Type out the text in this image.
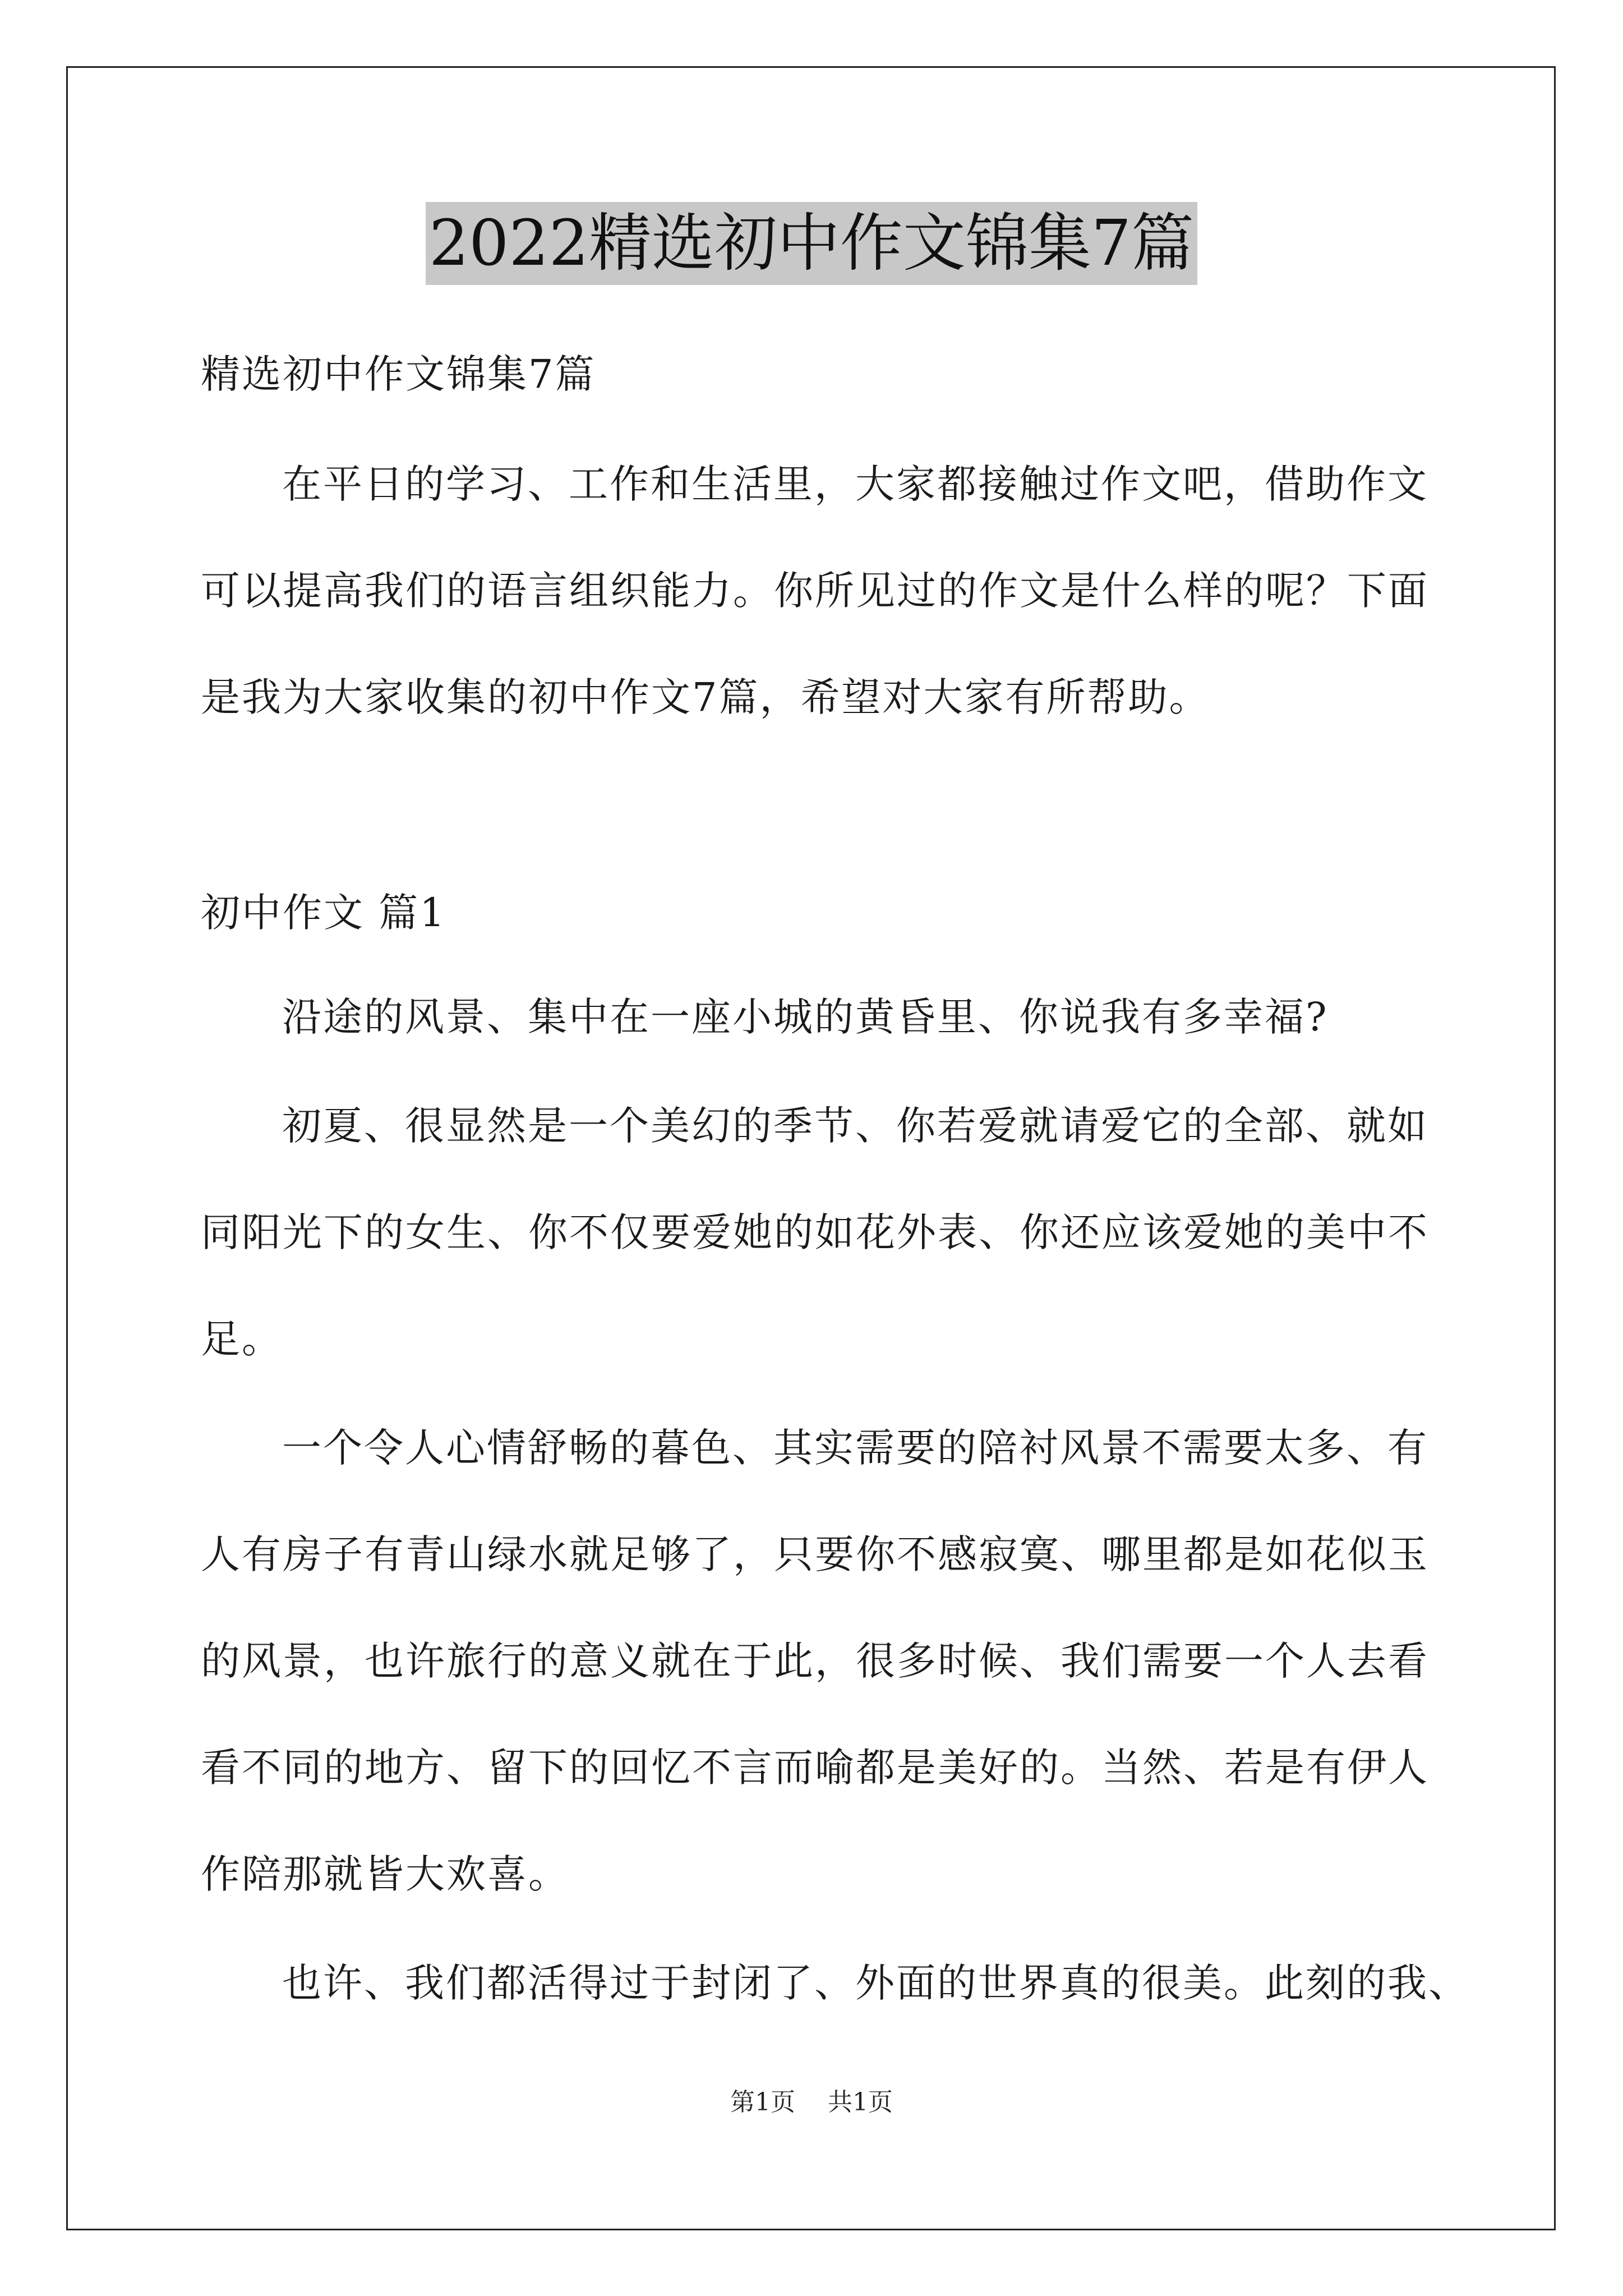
2022精选初中作文锦集7篇

精选初中作文锦集7篇

在平日的学习、工作和生活里，大家都接触过作文吧，借助作文

可以提高我们的语言组织能力。你所见过的作文是什么样的呢？下面

是我为大家收集的初中作文7篇，希望对大家有所帮助。

初中作文 篇1

沿途的风景、集中在一座小城的黄昏里、你说我有多幸福?

初夏、很显然是一个美幻的季节、你若爱就请爱它的全部、就如

同阳光下的女生、你不仅要爱她的如花外表、你还应该爱她的美中不

足。

一个令人心情舒畅的暮色、其实需要的陪衬风景不需要太多、有

人有房子有青山绿水就足够了，只要你不感寂寞、哪里都是如花似玉

的风景，也许旅行的意义就在于此，很多时候、我们需要一个人去看

看不同的地方、留下的回忆不言而喻都是美好的。当然、若是有伊人

作陪那就皆大欢喜。

也许、我们都活得过于封闭了、外面的世界真的很美。此刻的我、

第1页 共1页
